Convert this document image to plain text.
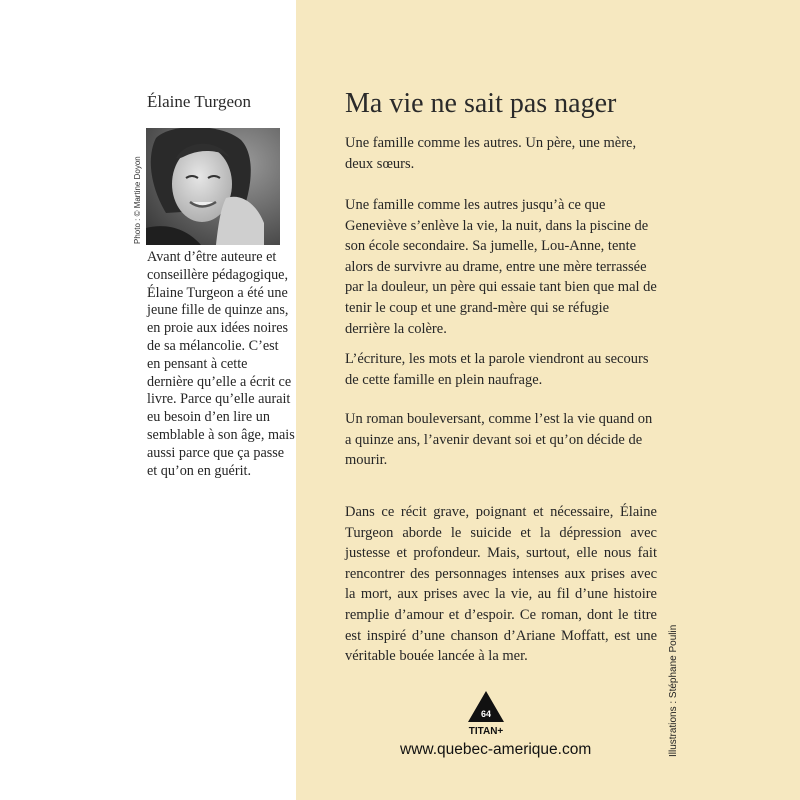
Élaine Turgeon
Photo : © Martine Doyon

Avant d’être auteure et conseillère pédagogique, Élaine Turgeon a été une jeune fille de quinze ans, en proie aux idées noires de sa mélancolie. C’est en pensant à cette dernière qu’elle a écrit ce livre. Parce qu’elle aurait eu besoin d’en lire un semblable à son âge, mais aussi parce que ça passe et qu’on en guérit.

Ma vie ne sait pas nager

Une famille comme les autres. Un père, une mère, deux sœurs.

Une famille comme les autres jusqu’à ce que Geneviève s’enlève la vie, la nuit, dans la piscine de son école secondaire. Sa jumelle, Lou-Anne, tente alors de survivre au drame, entre une mère terrassée par la douleur, un père qui essaie tant bien que mal de tenir le coup et une grand-mère qui se réfugie derrière la colère.

L’écriture, les mots et la parole viendront au secours de cette famille en plein naufrage.

Un roman bouleversant, comme l’est la vie quand on a quinze ans, l’avenir devant soi et qu’on décide de mourir.

Dans ce récit grave, poignant et nécessaire, Élaine Turgeon aborde le suicide et la dépression avec justesse et profondeur. Mais, surtout, elle nous fait rencontrer des personnages intenses aux prises avec la mort, aux prises avec la vie, au fil d’une histoire remplie d’amour et d’espoir. Ce roman, dont le titre est inspiré d’une chanson d’Ariane Moffatt, est une véritable bouée lancée à la mer.

64
TITAN+
www.quebec-amerique.com	Illustrations : Stéphane Poulin
